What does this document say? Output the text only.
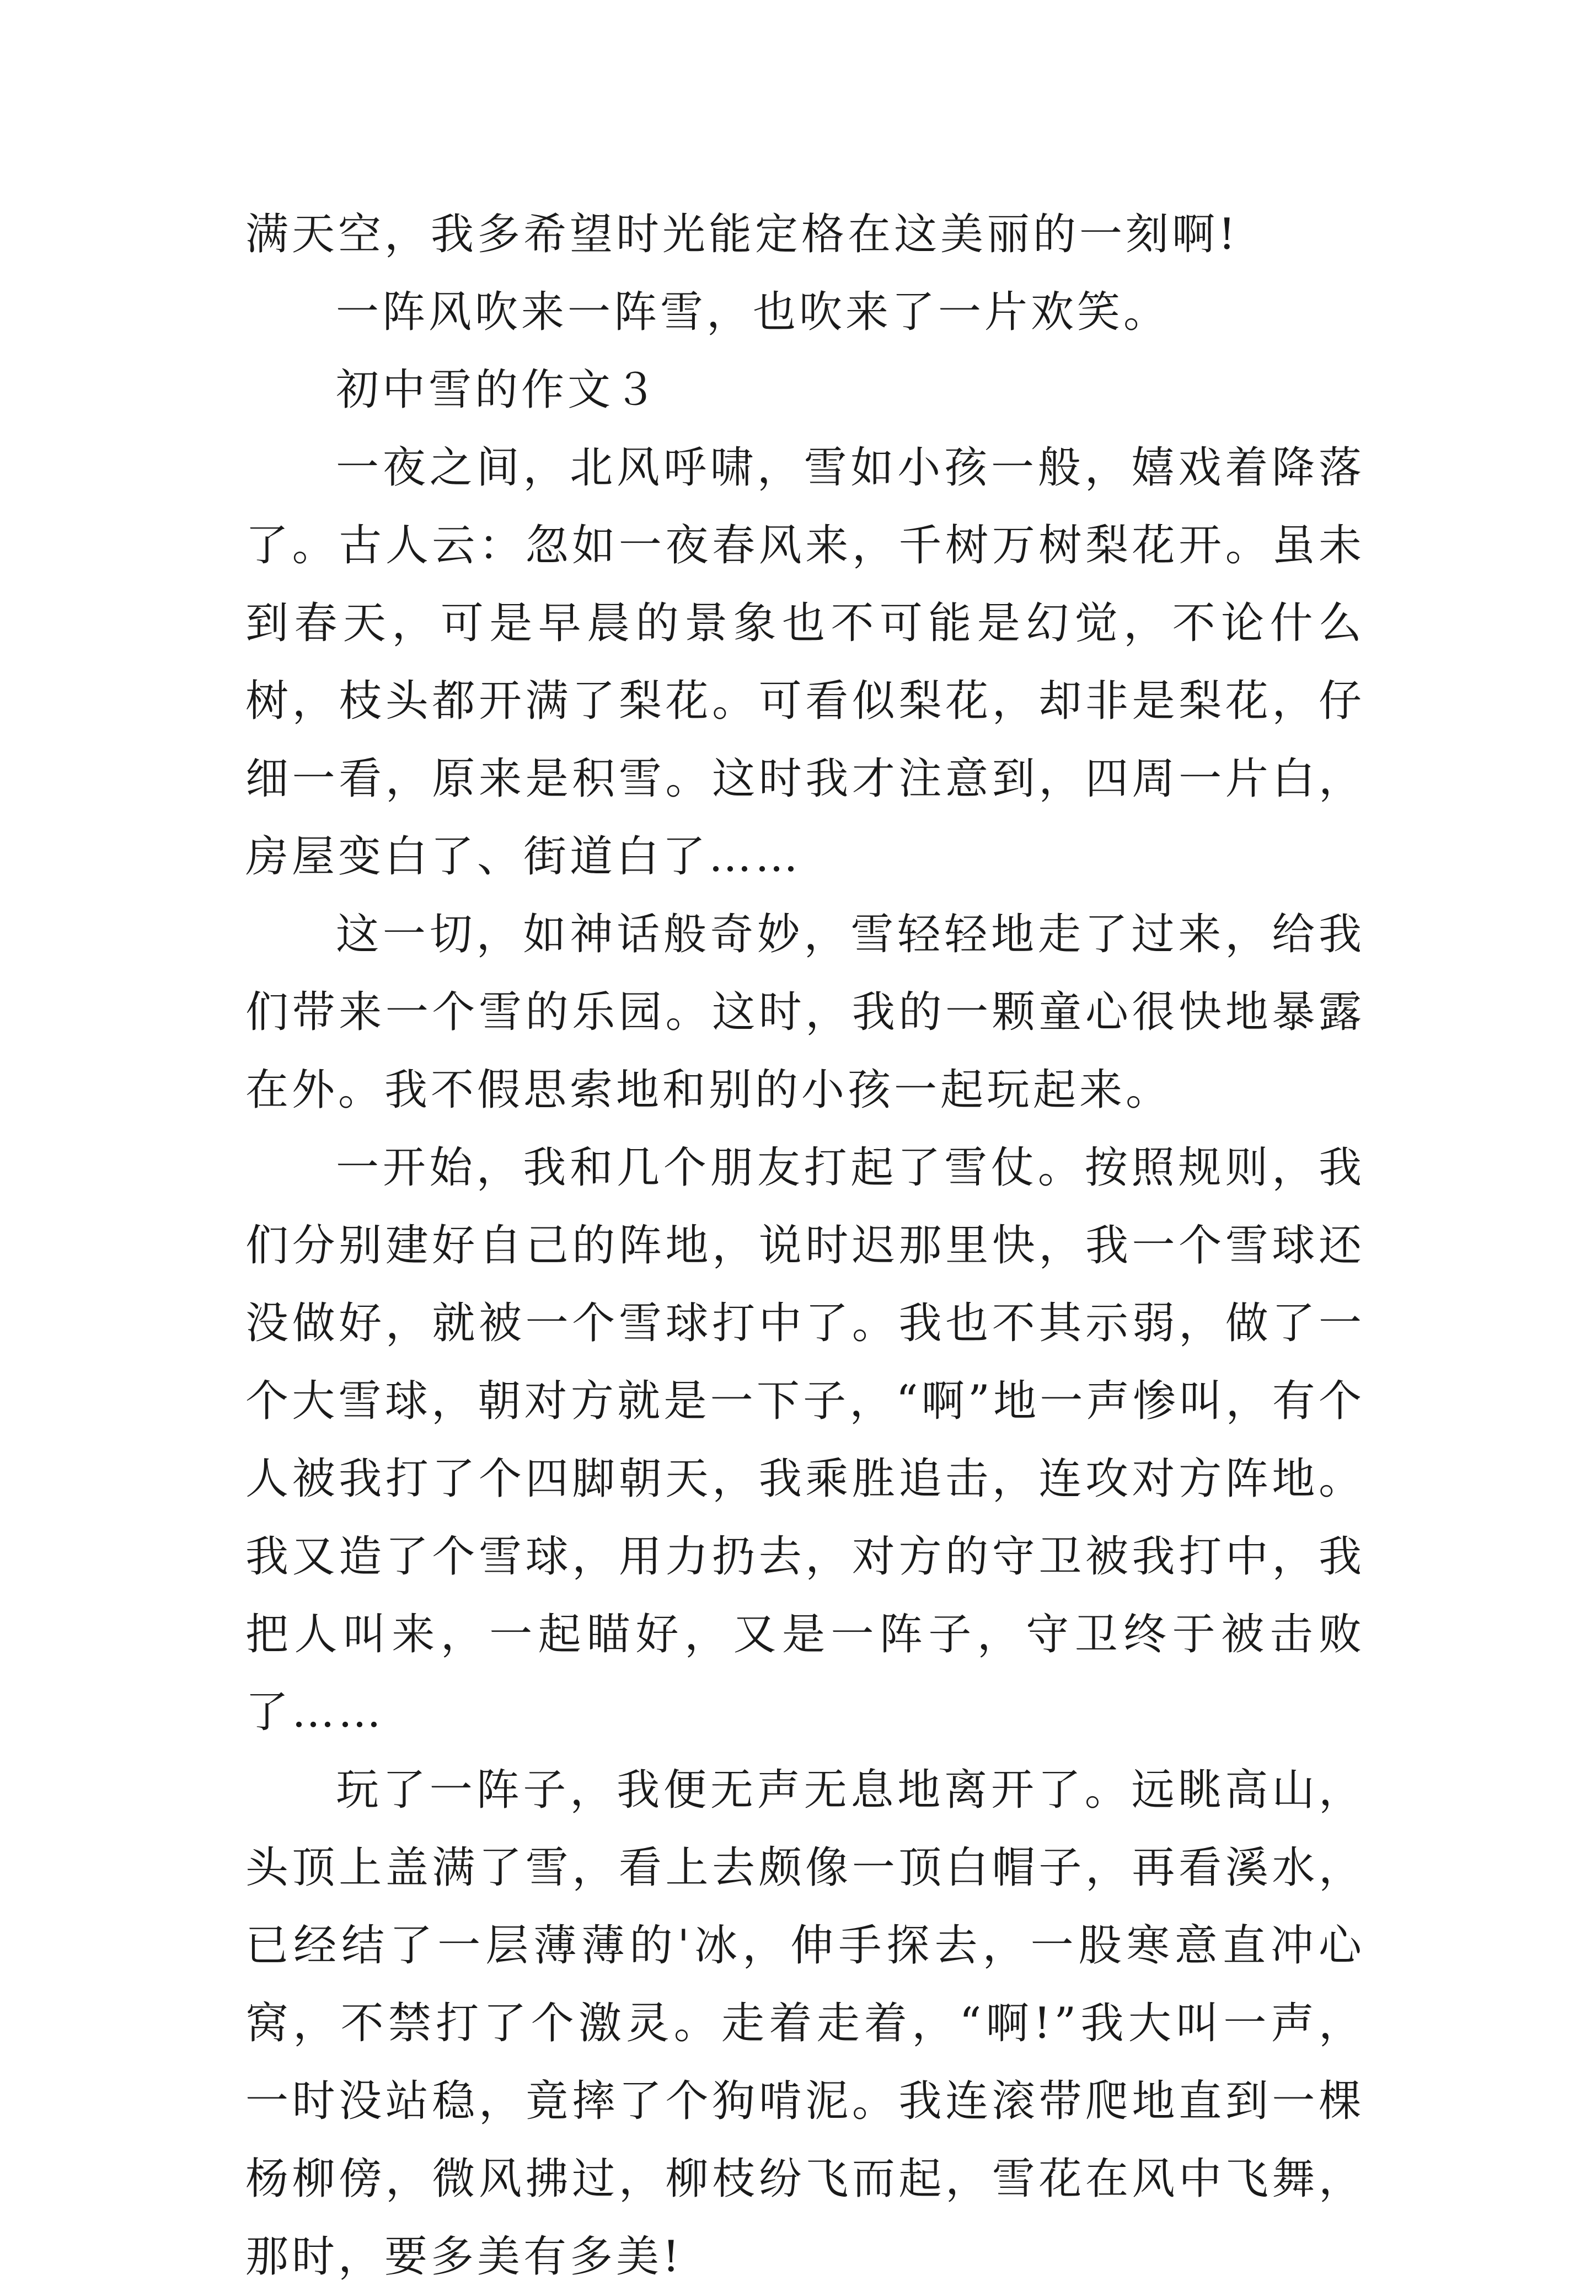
满天空，我多希望时光能定格在这美丽的一刻啊!

一阵风吹来一阵雪，也吹来了一片欢笑。

初中雪的作文３

一夜之间，北风呼啸，雪如小孩一般，嬉戏着降落了。古人云：忽如一夜春风来，千树万树梨花开。虽未到春天，可是早晨的景象也不可能是幻觉，不论什么树，枝头都开满了梨花。可看似梨花，却非是梨花，仔细一看，原来是积雪。这时我才注意到，四周一片白，房屋变白了、街道白了……

这一切，如神话般奇妙，雪轻轻地走了过来，给我们带来一个雪的乐园。这时，我的一颗童心很快地暴露在外。我不假思索地和别的小孩一起玩起来。

一开始，我和几个朋友打起了雪仗。按照规则，我们分别建好自己的阵地，说时迟那里快，我一个雪球还没做好，就被一个雪球打中了。我也不其示弱，做了一个大雪球，朝对方就是一下子，“啊”地一声惨叫，有个人被我打了个四脚朝天，我乘胜追击，连攻对方阵地。我又造了个雪球，用力扔去，对方的守卫被我打中，我把人叫来，一起瞄好，又是一阵子，守卫终于被击败了……

玩了一阵子，我便无声无息地离开了。远眺高山，头顶上盖满了雪，看上去颇像一顶白帽子，再看溪水，已经结了一层薄薄的'冰，伸手探去，一股寒意直冲心窝，不禁打了个激灵。走着走着，“啊!”我大叫一声，一时没站稳，竟摔了个狗啃泥。我连滚带爬地直到一棵杨柳傍，微风拂过，柳枝纷飞而起，雪花在风中飞舞，那时，要多美有多美!
